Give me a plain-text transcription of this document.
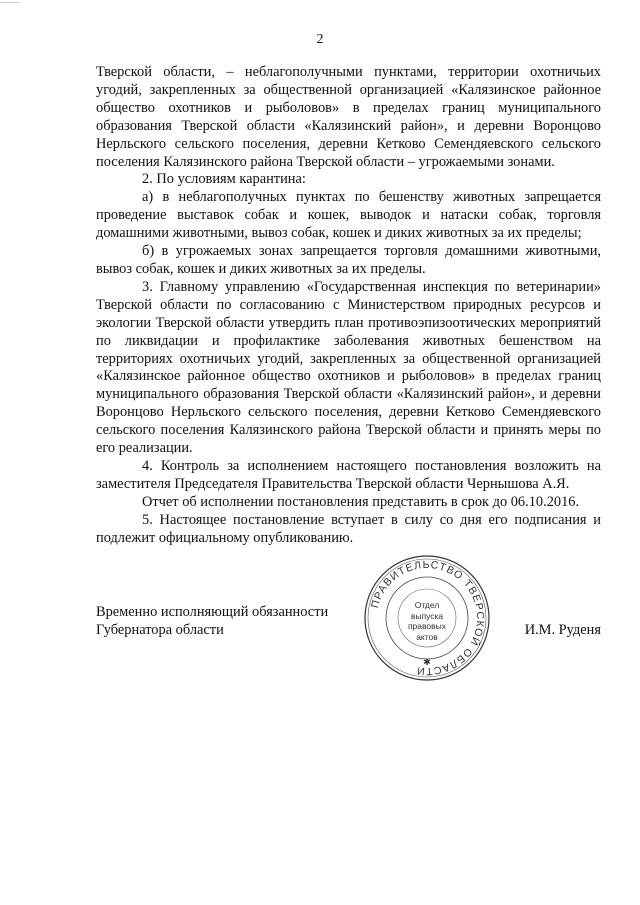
2

Тверской области, – неблагополучными пунктами, территории охотничьих угодий, закрепленных за общественной организацией «Калязинское районное общество охотников и рыболовов» в пределах границ муниципального образования Тверской области «Калязинский район», и деревни Воронцово Нерльского сельского поселения, деревни Кетково Семендяевского сельского поселения Калязинского района Тверской области – угрожаемыми зонами.

2. По условиям карантина:

а) в неблагополучных пунктах по бешенству животных запрещается проведение выставок собак и кошек, выводок и натаски собак, торговля домашними животными, вывоз собак, кошек и диких животных за их пределы;

б) в угрожаемых зонах запрещается торговля домашними животными, вывоз собак, кошек и диких животных за их пределы.

3. Главному управлению «Государственная инспекция по ветеринарии» Тверской области по согласованию с Министерством природных ресурсов и экологии Тверской области утвердить план противоэпизоотических мероприятий по ликвидации и профилактике заболевания животных бешенством на территориях охотничьих угодий, закрепленных за общественной организацией «Калязинское районное общество охотников и рыболовов» в пределах границ муниципального образования Тверской области «Калязинский район», и деревни Воронцово Нерльского сельского поселения, деревни Кетково Семендяевского сельского поселения Калязинского района Тверской области и принять меры по его реализации.

4. Контроль за исполнением настоящего постановления возложить на заместителя Председателя Правительства Тверской области Чернышова А.Я.

Отчет об исполнении постановления представить в срок до 06.10.2016.

5. Настоящее постановление вступает в силу со дня его подписания и подлежит официальному опубликованию.

Временно исполняющий обязанности
Губернатора области	И.М. Руденя
ПРАВИТЕЛЬСТВО ТВЕРСКОЙ ОБЛАСТИ
✱
Отдел
выпуска
правовых
актов
